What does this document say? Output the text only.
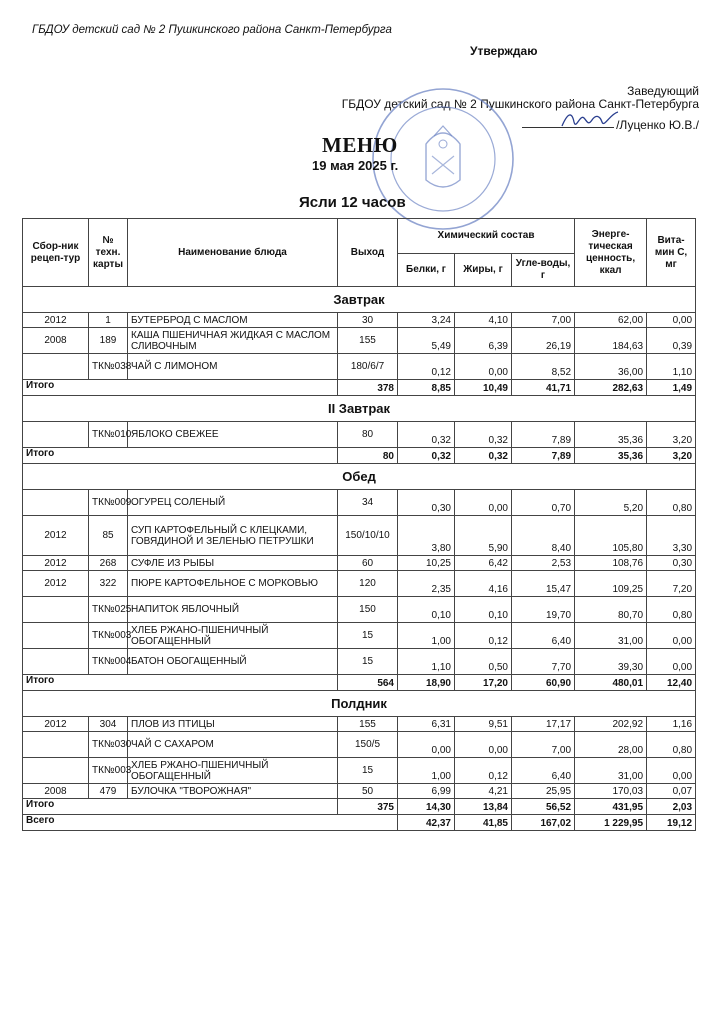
ГБДОУ детский сад № 2 Пушкинского района Санкт-Петербурга
Утверждаю
Заведующий
ГБДОУ детский сад № 2 Пушкинского района Санкт-Петербурга
/Луценко Ю.В./
МЕНЮ
19 мая 2025 г.
Ясли 12 часов
Сбор-ник рецеп-тур	№ техн. карты	Наименование блюда	Выход	Химический состав			Энерге-тическая ценность, ккал	Вита-мин С, мг
				Белки, г	Жиры, г	Угле-воды, г		
Завтрак								
2012	1	БУТЕРБРОД С МАСЛОМ	30	3,24	4,10	7,00	62,00	0,00
2008	189	КАША ПШЕНИЧНАЯ ЖИДКАЯ С МАСЛОМ СЛИВОЧНЫМ	155	5,49	6,39	26,19	184,63	0,39
	ТК№038	ЧАЙ С ЛИМОНОМ	180/6/7	0,12	0,00	8,52	36,00	1,10
Итого			378	8,85	10,49	41,71	282,63	1,49
II Завтрак								
	ТК№010	ЯБЛОКО СВЕЖЕЕ	80	0,32	0,32	7,89	35,36	3,20
Итого			80	0,32	0,32	7,89	35,36	3,20
Обед								
	ТК№009	ОГУРЕЦ СОЛЕНЫЙ	34	0,30	0,00	0,70	5,20	0,80
2012	85	СУП КАРТОФЕЛЬНЫЙ С КЛЕЦКАМИ, ГОВЯДИНОЙ И ЗЕЛЕНЬЮ ПЕТРУШКИ	150/10/10	3,80	5,90	8,40	105,80	3,30
2012	268	СУФЛЕ ИЗ РЫБЫ	60	10,25	6,42	2,53	108,76	0,30
2012	322	ПЮРЕ КАРТОФЕЛЬНОЕ С МОРКОВЬЮ	120	2,35	4,16	15,47	109,25	7,20
	ТК№025	НАПИТОК ЯБЛОЧНЫЙ	150	0,10	0,10	19,70	80,70	0,80
	ТК№003	ХЛЕБ РЖАНО-ПШЕНИЧНЫЙ ОБОГАЩЕННЫЙ	15	1,00	0,12	6,40	31,00	0,00
	ТК№004	БАТОН ОБОГАЩЕННЫЙ	15	1,10	0,50	7,70	39,30	0,00
Итого			564	18,90	17,20	60,90	480,01	12,40
Полдник								
2012	304	ПЛОВ ИЗ ПТИЦЫ	155	6,31	9,51	17,17	202,92	1,16
	ТК№030	ЧАЙ С САХАРОМ	150/5	0,00	0,00	7,00	28,00	0,80
	ТК№003	ХЛЕБ РЖАНО-ПШЕНИЧНЫЙ ОБОГАЩЕННЫЙ	15	1,00	0,12	6,40	31,00	0,00
2008	479	БУЛОЧКА "ТВОРОЖНАЯ"	50	6,99	4,21	25,95	170,03	0,07
Итого			375	14,30	13,84	56,52	431,95	2,03
Всего				42,37	41,85	167,02	1 229,95	19,12
